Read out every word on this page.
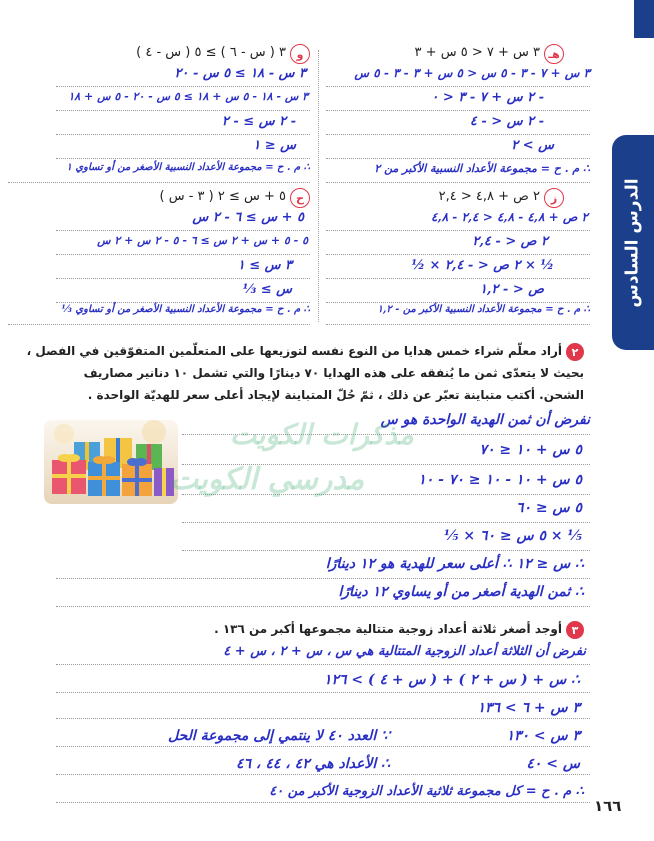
الدرس السادس
هـ
٣ س + ٧ < ٥ س + ٣
٣ س + ٧ - ٣ - ٥ س < ٥ س + ٣ - ٣ - ٥ س
- ٢ س + ٧ - ٣ < ٠
- ٢ س < - ٤
س > ٢
∴ م . ح = مجموعة الأعداد النسبية الأكبر من ٢
و
٣ ( س - ٦ ) ≥ ٥ ( س - ٤ )
٣ س - ١٨ ≥ ٥ س - ٢٠
٣ س - ١٨ - ٥ س + ١٨ ≥ ٥ س - ٢٠ - ٥ س + ١٨
- ٢ س ≥ - ٢
س ≤ ١
∴ م . ح = مجموعة الأعداد النسبية الأصغر من أو تساوي ١
ز
٢ ص + ٤,٨ < ٢,٤
٢ ص + ٤,٨ - ٤,٨ < ٢,٤ - ٤,٨
٢ ص < - ٢,٤
½ × ٢ ص < - ٢,٤ × ½
ص < - ١,٢
∴ م . ح = مجموعة الأعداد النسبية الأكبر من - ١,٢
ح
٥ + س ≥ ٢ ( ٣ - س )
٥ + س ≥ ٦ - ٢ س
٥ - ٥ + س + ٢ س ≥ ٦ - ٥ - ٢ س + ٢ س
٣ س ≥ ١
س ≥ ⅓
∴ م . ح = مجموعة الأعداد النسبية الأصغر من أو تساوي ⅓
٢
أراد معلّم شراء خمس هدايا من النوع نفسه لتوزيعها على المتعلّمين المتفوّقين في الفصل ،
بحيث لا يتعدّى ثمن ما يُنفقه على هذه الهدايا ٧٠ دينارًا والتي تشمل ١٠ دنانير مصاريف
الشحن. أكتب متباينة تعبّر عن ذلك ، ثمّ حُلّ المتباينة لإيجاد أعلى سعر للهديّة الواحدة .
نفرض أن ثمن الهدية الواحدة هو س
٥ س + ١٠ ≤ ٧٠
٥ س + ١٠ - ١٠ ≤ ٧٠ - ١٠
٥ س ≤ ٦٠
⅕ × ٥ س ≤ ٦٠ × ⅕
∴ س ≤ ١٢ ∴ أعلى سعر للهدية هو ١٢ دينارًا
∴ ثمن الهدية أصغر من أو يساوي ١٢ دينارًا
مذكرات الكويت
مدرسي الكويت
٣
أوجد أصغر ثلاثة أعداد زوجية متتالية مجموعها أكبر من ١٣٦ .
نفرض أن الثلاثة أعداد الزوجية المتتالية هي س ، س + ٢ ، س + ٤
∴ س + ( س + ٢ ) + ( س + ٤ ) > ١٢٦
٣ س + ٦ > ١٣٦
٣ س > ١٣٠
∵ العدد ٤٠ لا ينتمي إلى مجموعة الحل
س > ٤٠
∴ الأعداد هي ٤٢ ، ٤٤ ، ٤٦
∴ م . ح = كل مجموعة ثلاثية الأعداد الزوجية الأكبر من ٤٠
١٦٦
